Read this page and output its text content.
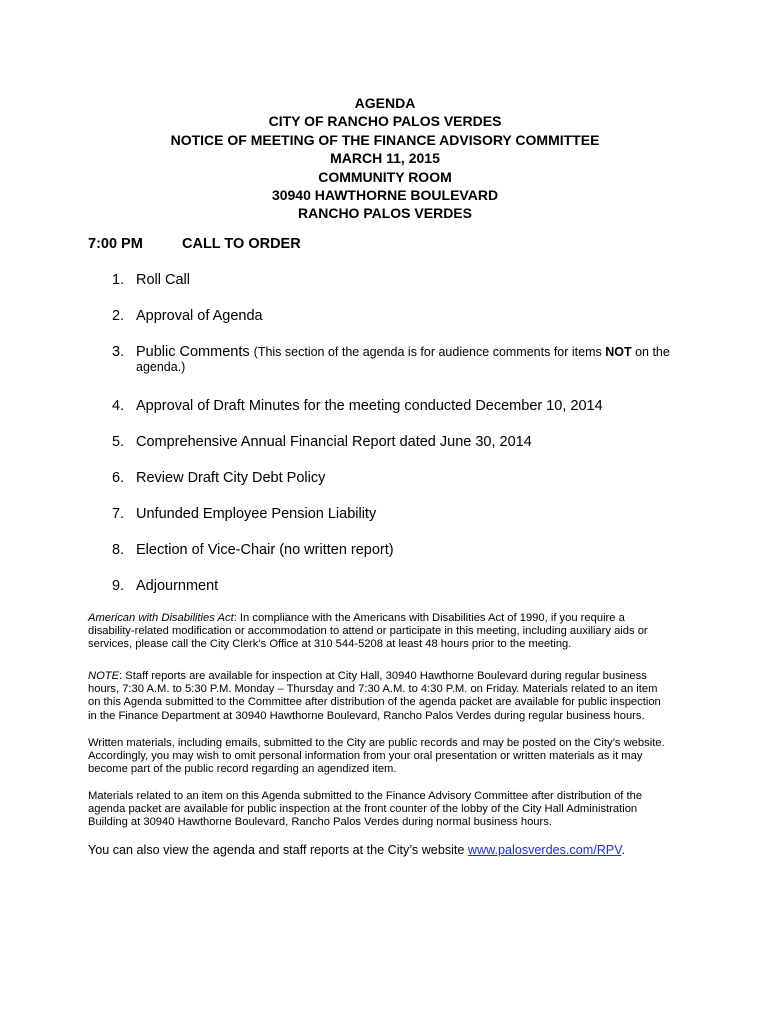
AGENDA
CITY OF RANCHO PALOS VERDES
NOTICE OF MEETING OF THE FINANCE ADVISORY COMMITTEE
MARCH 11, 2015
COMMUNITY ROOM
30940 HAWTHORNE BOULEVARD
RANCHO PALOS VERDES
7:00 PM	CALL TO ORDER
1. Roll Call
2. Approval of Agenda
3. Public Comments (This section of the agenda is for audience comments for items NOT on the
agenda.)
4. Approval of Draft Minutes for the meeting conducted December 10, 2014
5. Comprehensive Annual Financial Report dated June 30, 2014
6. Review Draft City Debt Policy
7. Unfunded Employee Pension Liability
8. Election of Vice-Chair (no written report)
9. Adjournment
American with Disabilities Act: In compliance with the Americans with Disabilities Act of 1990, if you require a
disability-related modification or accommodation to attend or participate in this meeting, including auxiliary aids or
services, please call the City Clerk’s Office at 310 544-5208 at least 48 hours prior to the meeting.
NOTE: Staff reports are available for inspection at City Hall, 30940 Hawthorne Boulevard during regular business
hours, 7:30 A.M. to 5:30 P.M. Monday – Thursday and 7:30 A.M. to 4:30 P.M. on Friday. Materials related to an item
on this Agenda submitted to the Committee after distribution of the agenda packet are available for public inspection
in the Finance Department at 30940 Hawthorne Boulevard, Rancho Palos Verdes during regular business hours.
Written materials, including emails, submitted to the City are public records and may be posted on the City’s website.
Accordingly, you may wish to omit personal information from your oral presentation or written materials as it may
become part of the public record regarding an agendized item.
Materials related to an item on this Agenda submitted to the Finance Advisory Committee after distribution of the
agenda packet are available for public inspection at the front counter of the lobby of the City Hall Administration
Building at 30940 Hawthorne Boulevard, Rancho Palos Verdes during normal business hours.
You can also view the agenda and staff reports at the City’s website www.palosverdes.com/RPV.
